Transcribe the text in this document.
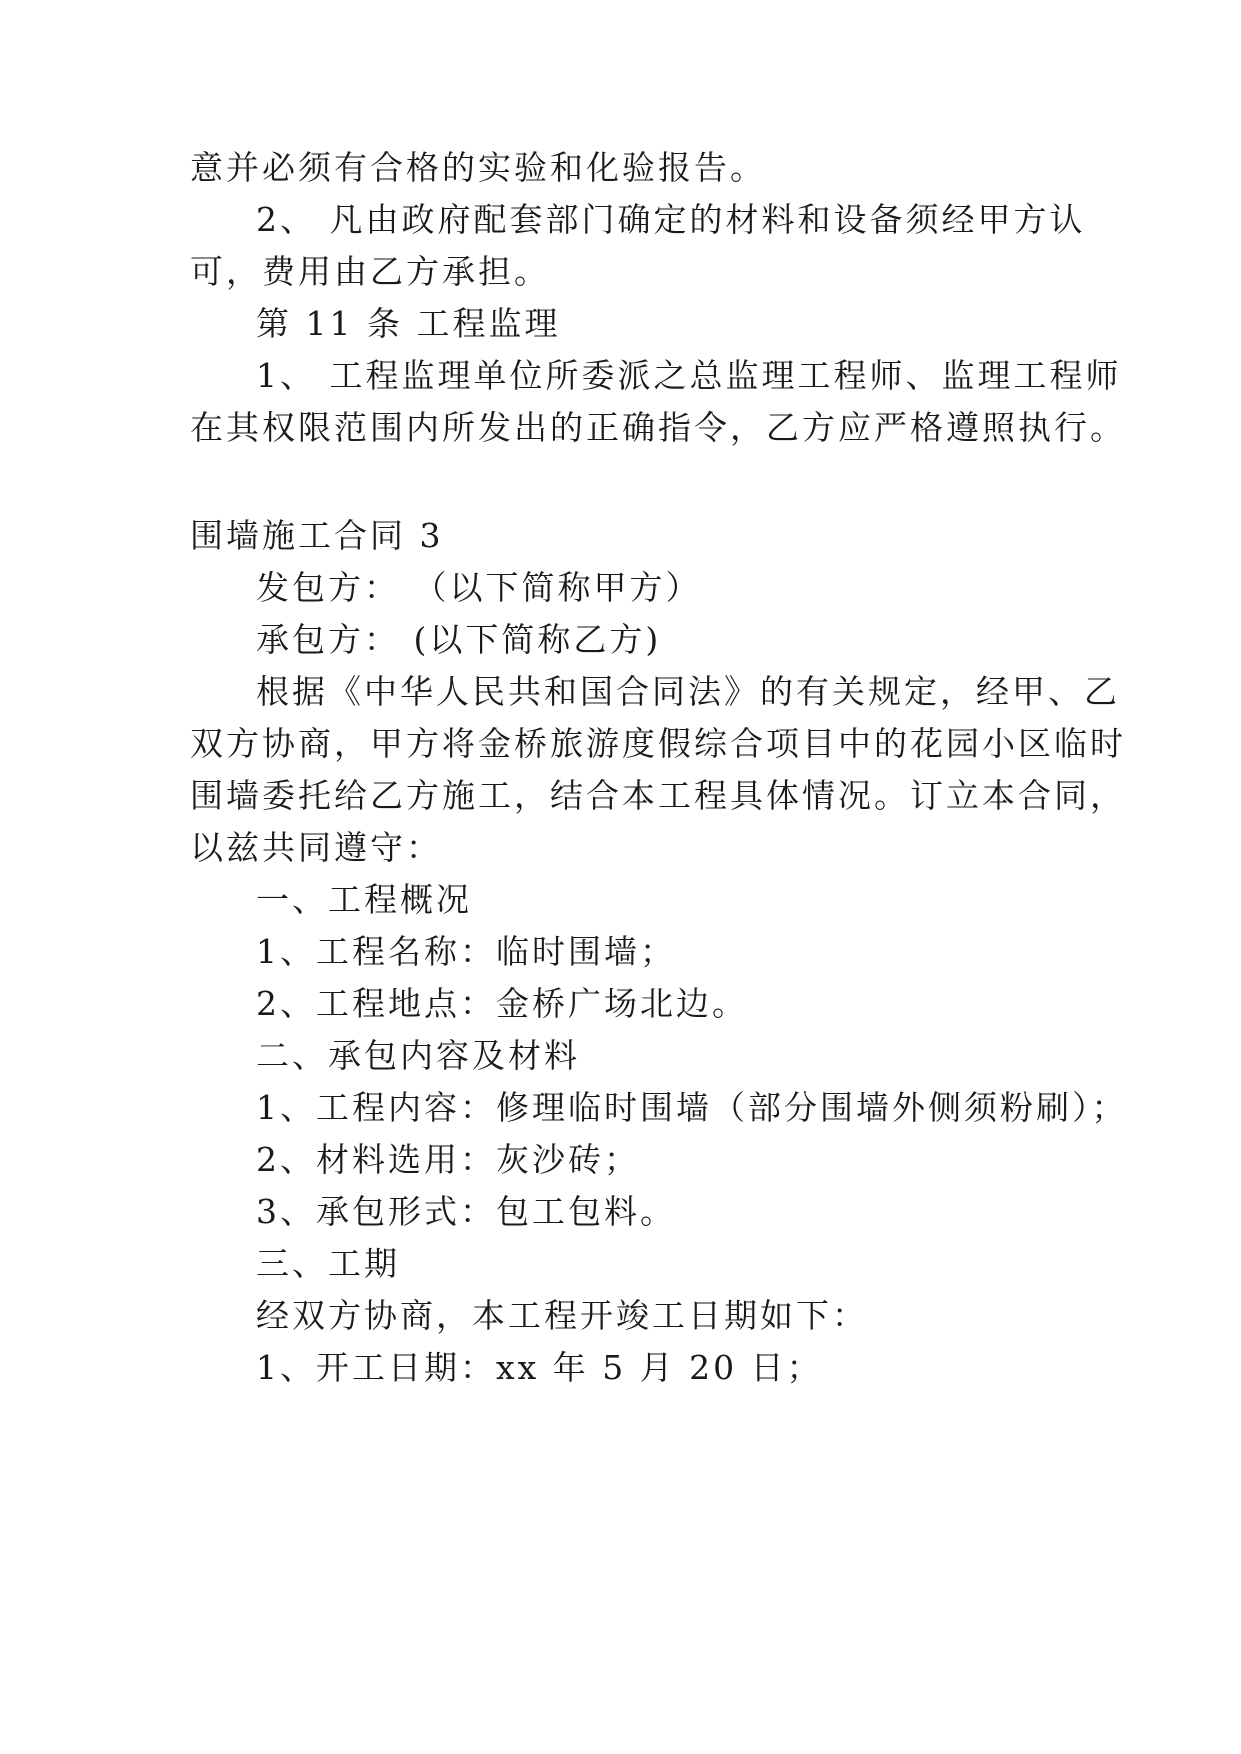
意并必须有合格的实验和化验报告。
2、 凡由政府配套部门确定的材料和设备须经甲方认
可，费用由乙方承担。
第 11 条 工程监理
1、 工程监理单位所委派之总监理工程师、监理工程师
在其权限范围内所发出的正确指令，乙方应严格遵照执行。
围墙施工合同 3
发包方： （以下简称甲方）
承包方： (以下简称乙方)
根据《中华人民共和国合同法》的有关规定，经甲、乙
双方协商，甲方将金桥旅游度假综合项目中的花园小区临时
围墙委托给乙方施工，结合本工程具体情况。订立本合同，
以兹共同遵守：
一、工程概况
1、工程名称：临时围墙；
2、工程地点：金桥广场北边。
二、承包内容及材料
1、工程内容：修理临时围墙（部分围墙外侧须粉刷）；
2、材料选用：灰沙砖；
3、承包形式：包工包料。
三、工期
经双方协商，本工程开竣工日期如下：
1、开工日期：xx 年 5 月 20 日；
